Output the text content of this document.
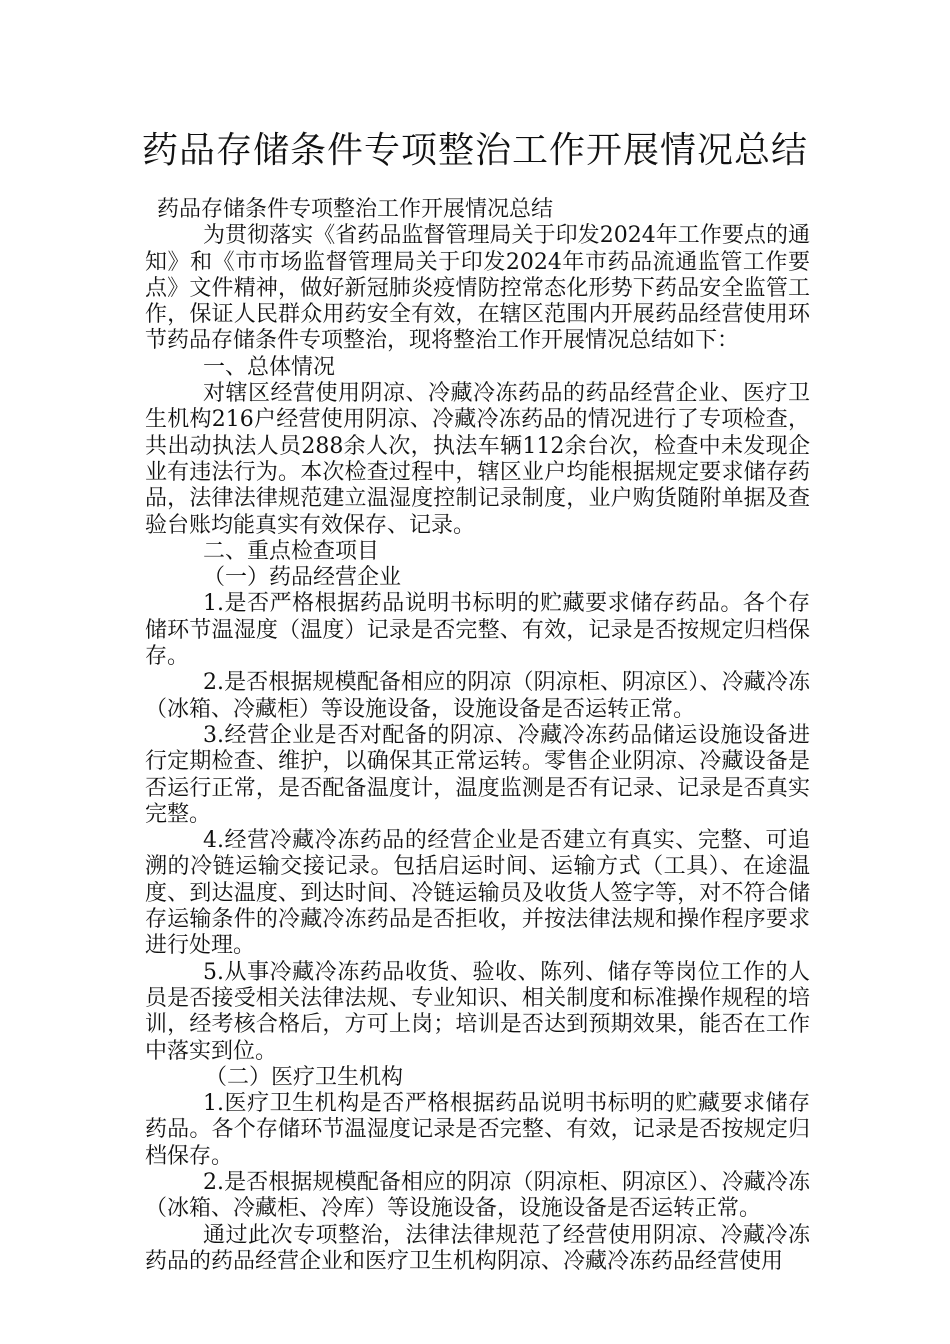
药品存储条件专项整治工作开展情况总结

药品存储条件专项整治工作开展情况总结

为贯彻落实《省药品监督管理局关于印发2024年工作要点的通知》和《市市场监督管理局关于印发2024年市药品流通监管工作要点》文件精神，做好新冠肺炎疫情防控常态化形势下药品安全监管工作，保证人民群众用药安全有效，在辖区范围内开展药品经营使用环节药品存储条件专项整治，现将整治工作开展情况总结如下：

一、总体情况

对辖区经营使用阴凉、冷藏冷冻药品的药品经营企业、医疗卫生机构216户经营使用阴凉、冷藏冷冻药品的情况进行了专项检查，共出动执法人员288余人次，执法车辆112余台次，检查中未发现企业有违法行为。本次检查过程中，辖区业户均能根据规定要求储存药品，法律法律规范建立温湿度控制记录制度，业户购货随附单据及查验台账均能真实有效保存、记录。

二、重点检查项目

（一）药品经营企业

1.是否严格根据药品说明书标明的贮藏要求储存药品。各个存储环节温湿度（温度）记录是否完整、有效，记录是否按规定归档保存。

2.是否根据规模配备相应的阴凉（阴凉柜、阴凉区）、冷藏冷冻（冰箱、冷藏柜）等设施设备，设施设备是否运转正常。

3.经营企业是否对配备的阴凉、冷藏冷冻药品储运设施设备进行定期检查、维护，以确保其正常运转。零售企业阴凉、冷藏设备是否运行正常，是否配备温度计，温度监测是否有记录、记录是否真实完整。

4.经营冷藏冷冻药品的经营企业是否建立有真实、完整、可追溯的冷链运输交接记录。包括启运时间、运输方式（工具）、在途温度、到达温度、到达时间、冷链运输员及收货人签字等，对不符合储存运输条件的冷藏冷冻药品是否拒收，并按法律法规和操作程序要求进行处理。

5.从事冷藏冷冻药品收货、验收、陈列、储存等岗位工作的人员是否接受相关法律法规、专业知识、相关制度和标准操作规程的培训，经考核合格后，方可上岗；培训是否达到预期效果，能否在工作中落实到位。

（二）医疗卫生机构

1.医疗卫生机构是否严格根据药品说明书标明的贮藏要求储存药品。各个存储环节温湿度记录是否完整、有效，记录是否按规定归档保存。

2.是否根据规模配备相应的阴凉（阴凉柜、阴凉区）、冷藏冷冻（冰箱、冷藏柜、冷库）等设施设备，设施设备是否运转正常。

通过此次专项整治，法律法律规范了经营使用阴凉、冷藏冷冻药品的药品经营企业和医疗卫生机构阴凉、冷藏冷冻药品经营使用
